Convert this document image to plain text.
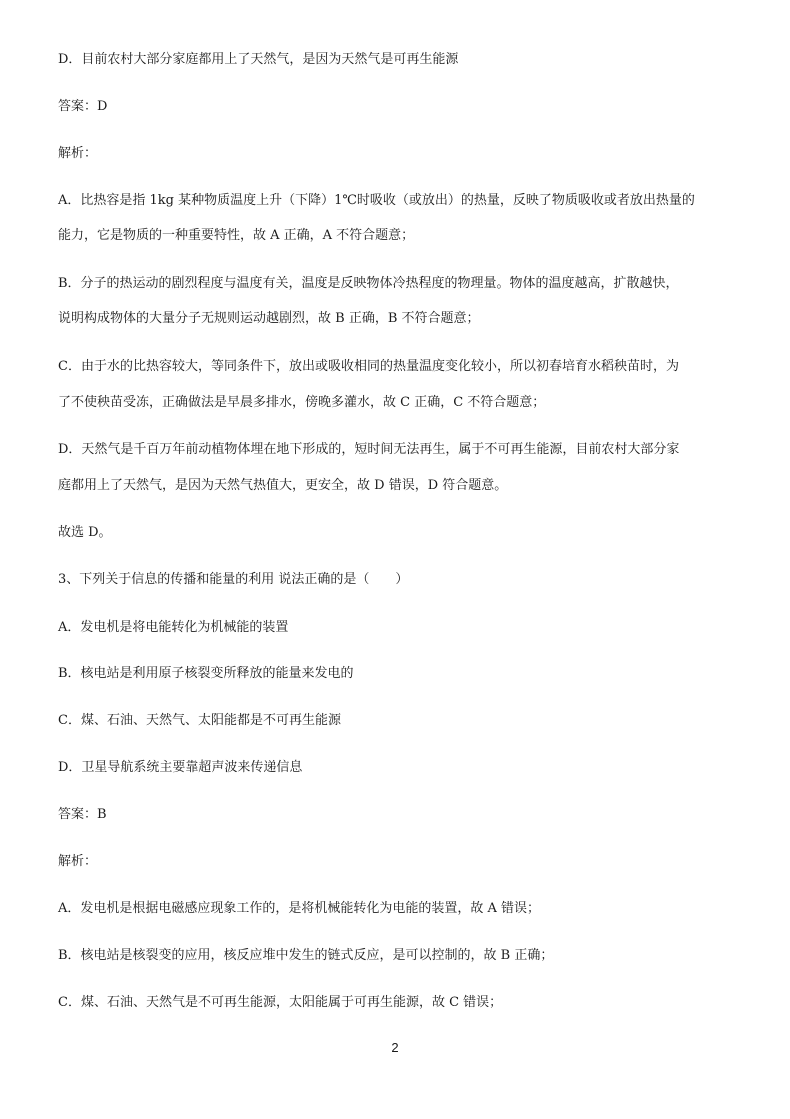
D．目前农村大部分家庭都用上了天然气，是因为天然气是可再生能源
答案：D
解析：
A．比热容是指 1kg 某种物质温度上升（下降）1℃时吸收（或放出）的热量，反映了物质吸收或者放出热量的
能力，它是物质的一种重要特性，故 A 正确，A 不符合题意；
B．分子的热运动的剧烈程度与温度有关，温度是反映物体冷热程度的物理量。物体的温度越高，扩散越快，
说明构成物体的大量分子无规则运动越剧烈，故 B 正确，B 不符合题意；
C．由于水的比热容较大，等同条件下，放出或吸收相同的热量温度变化较小，所以初春培育水稻秧苗时，为
了不使秧苗受冻，正确做法是早晨多排水，傍晚多灌水，故 C 正确，C 不符合题意；
D．天然气是千百万年前动植物体埋在地下形成的，短时间无法再生，属于不可再生能源，目前农村大部分家
庭都用上了天然气，是因为天然气热值大，更安全，故 D 错误，D 符合题意。
故选 D。
3、下列关于信息的传播和能量的利用 说法正确的是（　　）
A．发电机是将电能转化为机械能的装置
B．核电站是利用原子核裂变所释放的能量来发电的
C．煤、石油、天然气、太阳能都是不可再生能源
D．卫星导航系统主要靠超声波来传递信息
答案：B
解析：
A．发电机是根据电磁感应现象工作的，是将机械能转化为电能的装置，故 A 错误；
B．核电站是核裂变的应用，核反应堆中发生的链式反应，是可以控制的，故 B 正确；
C．煤、石油、天然气是不可再生能源，太阳能属于可再生能源，故 C 错误；
2
